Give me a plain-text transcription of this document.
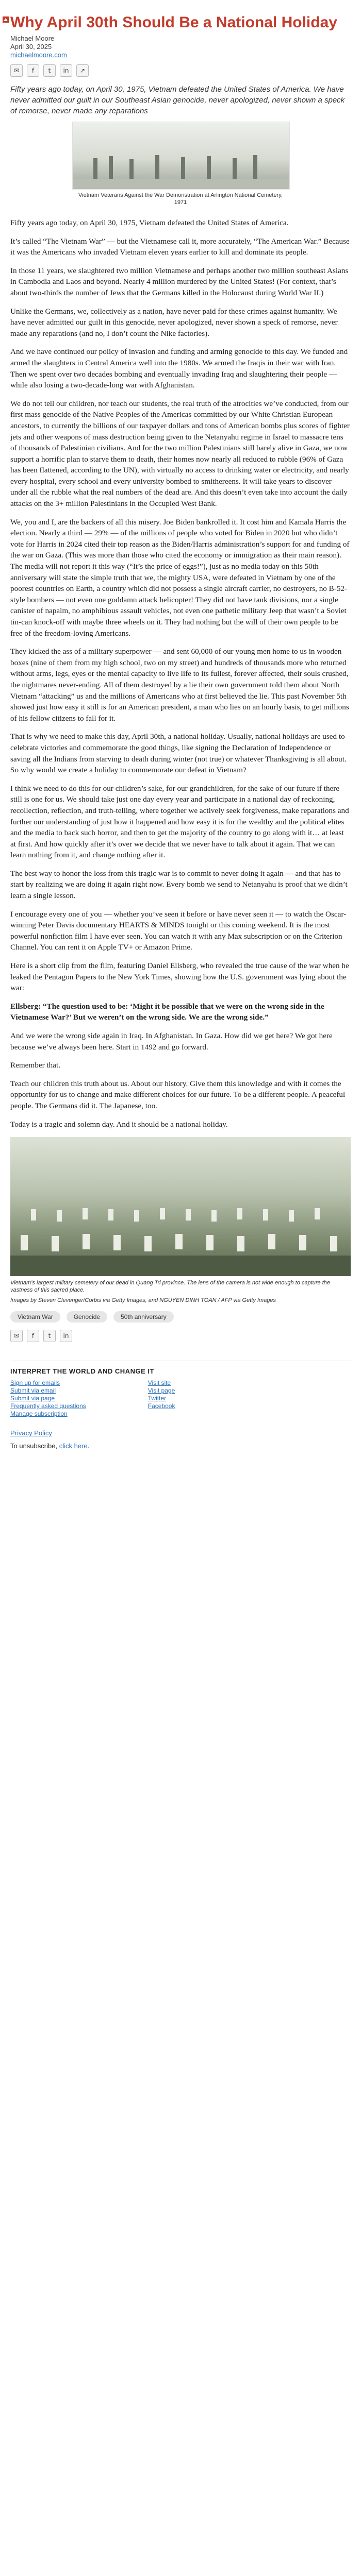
Why April 30th Should Be a National Holiday
Michael Moore
April 30, 2025
michaelmoore.com
✉	f	t	in	↗
Fifty years ago today, on April 30, 1975, Vietnam defeated the United States of America. We have never admitted our guilt in our Southeast Asian genocide, never apologized, never shown a speck of remorse, never made any reparations
Vietnam Veterans Against the War Demonstration at Arlington National Cemetery, 1971

Fifty years ago today, on April 30, 1975, Vietnam defeated the United States of America.

It’s called “The Vietnam War” — but the Vietnamese call it, more accurately, “The American War.” Because it was the Americans who invaded Vietnam eleven years earlier to kill and dominate its people.

In those 11 years, we slaughtered two million Vietnamese and perhaps another two million southeast Asians in Cambodia and Laos and beyond. Nearly 4 million murdered by the United States! (For context, that’s about two-thirds the number of Jews that the Germans killed in the Holocaust during World War II.)

Unlike the Germans, we, collectively as a nation, have never paid for these crimes against humanity. We have never admitted our guilt in this genocide, never apologized, never shown a speck of remorse, never made any reparations (and no, I don’t count the Nike factories).

And we have continued our policy of invasion and funding and arming genocide to this day. We funded and armed the slaughters in Central America well into the 1980s. We armed the Iraqis in their war with Iran. Then we spent over two decades bombing and eventually invading Iraq and slaughtering their people — while also losing a two-decade-long war with Afghanistan.

We do not tell our children, nor teach our students, the real truth of the atrocities we’ve conducted, from our first mass genocide of the Native Peoples of the Americas committed by our White Christian European ancestors, to currently the billions of our taxpayer dollars and tons of American bombs plus scores of fighter jets and other weapons of mass destruction being given to the Netanyahu regime in Israel to massacre tens of thousands of Palestinian civilians. And for the two million Palestinians still barely alive in Gaza, we now support a horrific plan to starve them to death, their homes now nearly all reduced to rubble (96% of Gaza has been flattened, according to the UN), with virtually no access to drinking water or electricity, and nearly every hospital, every school and every university bombed to smithereens. It will take years to discover under all the rubble what the real numbers of the dead are. And this doesn’t even take into account the daily attacks on the 3+ million Palestinians in the Occupied West Bank.

We, you and I, are the backers of all this misery. Joe Biden bankrolled it. It cost him and Kamala Harris the election. Nearly a third — 29% — of the millions of people who voted for Biden in 2020 but who didn’t vote for Harris in 2024 cited their top reason as the Biden/Harris administration’s support for and funding of the war on Gaza. (This was more than those who cited the economy or immigration as their main reason). The media will not report it this way (“It’s the price of eggs!”), just as no media today on this 50th anniversary will state the simple truth that we, the mighty USA, were defeated in Vietnam by one of the poorest countries on Earth, a country which did not possess a single aircraft carrier, no destroyers, no B-52-style bombers — not even one goddamn attack helicopter! They did not have tank divisions, nor a single canister of napalm, no amphibious assault vehicles, not even one pathetic military Jeep that wasn’t a Soviet tin-can knock-off with maybe three wheels on it. They had nothing but the will of their own people to be free of the freedom-loving Americans.

They kicked the ass of a military superpower — and sent 60,000 of our young men home to us in wooden boxes (nine of them from my high school, two on my street) and hundreds of thousands more who returned without arms, legs, eyes or the mental capacity to live life to its fullest, forever affected, their souls crushed, the nightmares never-ending. All of them destroyed by a lie their own government told them about North Vietnam “attacking” us and the millions of Americans who at first believed the lie. This past November 5th showed just how easy it still is for an American president, a man who lies on an hourly basis, to get millions of his fellow citizens to fall for it.

That is why we need to make this day, April 30th, a national holiday. Usually, national holidays are used to celebrate victories and commemorate the good things, like signing the Declaration of Independence or saving all the Indians from starving to death during winter (not true) or whatever Thanksgiving is all about. So why would we create a holiday to commemorate our defeat in Vietnam?

I think we need to do this for our children’s sake, for our grandchildren, for the sake of our future if there still is one for us. We should take just one day every year and participate in a national day of reckoning, recollection, reflection, and truth-telling, where together we actively seek forgiveness, make reparations and further our understanding of just how it happened and how easy it is for the wealthy and the political elites and the media to back such horror, and then to get the majority of the country to go along with it… at least at first. And how quickly after it’s over we decide that we never have to talk about it again. That we can learn nothing from it, and change nothing after it.

The best way to honor the loss from this tragic war is to commit to never doing it again — and that has to start by realizing we are doing it again right now. Every bomb we send to Netanyahu is proof that we didn’t learn a single lesson.

I encourage every one of you — whether you’ve seen it before or have never seen it — to watch the Oscar-winning Peter Davis documentary HEARTS & MINDS tonight or this coming weekend. It is the most powerful nonfiction film I have ever seen. You can watch it with any Max subscription or on the Criterion Channel. You can rent it on Apple TV+ or Amazon Prime.

Here is a short clip from the film, featuring Daniel Ellsberg, who revealed the true cause of the war when he leaked the Pentagon Papers to the New York Times, showing how the U.S. government was lying about the war:

Ellsberg: “The question used to be: ‘Might it be possible that we were on the wrong side in the Vietnamese War?’ But we weren’t on the wrong side. We are the wrong side.”

And we were the wrong side again in Iraq. In Afghanistan. In Gaza. How did we get here? We got here because we’ve always been here. Start in 1492 and go forward.

Remember that.

Teach our children this truth about us. About our history. Give them this knowledge and with it comes the opportunity for us to change and make different choices for our future. To be a different people. A peaceful people. The Germans did it. The Japanese, too.

Today is a tragic and solemn day. And it should be a national holiday.

Vietnam’s largest military cemetery of our dead in Quang Tri province. The lens of the camera is not wide enough to capture the vastness of this sacred place.
Images by Steven Clevenger/Corbis via Getty Images, and NGUYEN DINH TOAN / AFP via Getty Images
Vietnam War	Genocide	50th anniversary
✉	f	t	in
INTERPRET THE WORLD AND CHANGE IT
Sign up for emails
Submit via email
Submit via page
Frequently asked questions
Manage subscription
Visit site
Visit page
Twitter
Facebook
Privacy Policy
To unsubscribe, click here.
